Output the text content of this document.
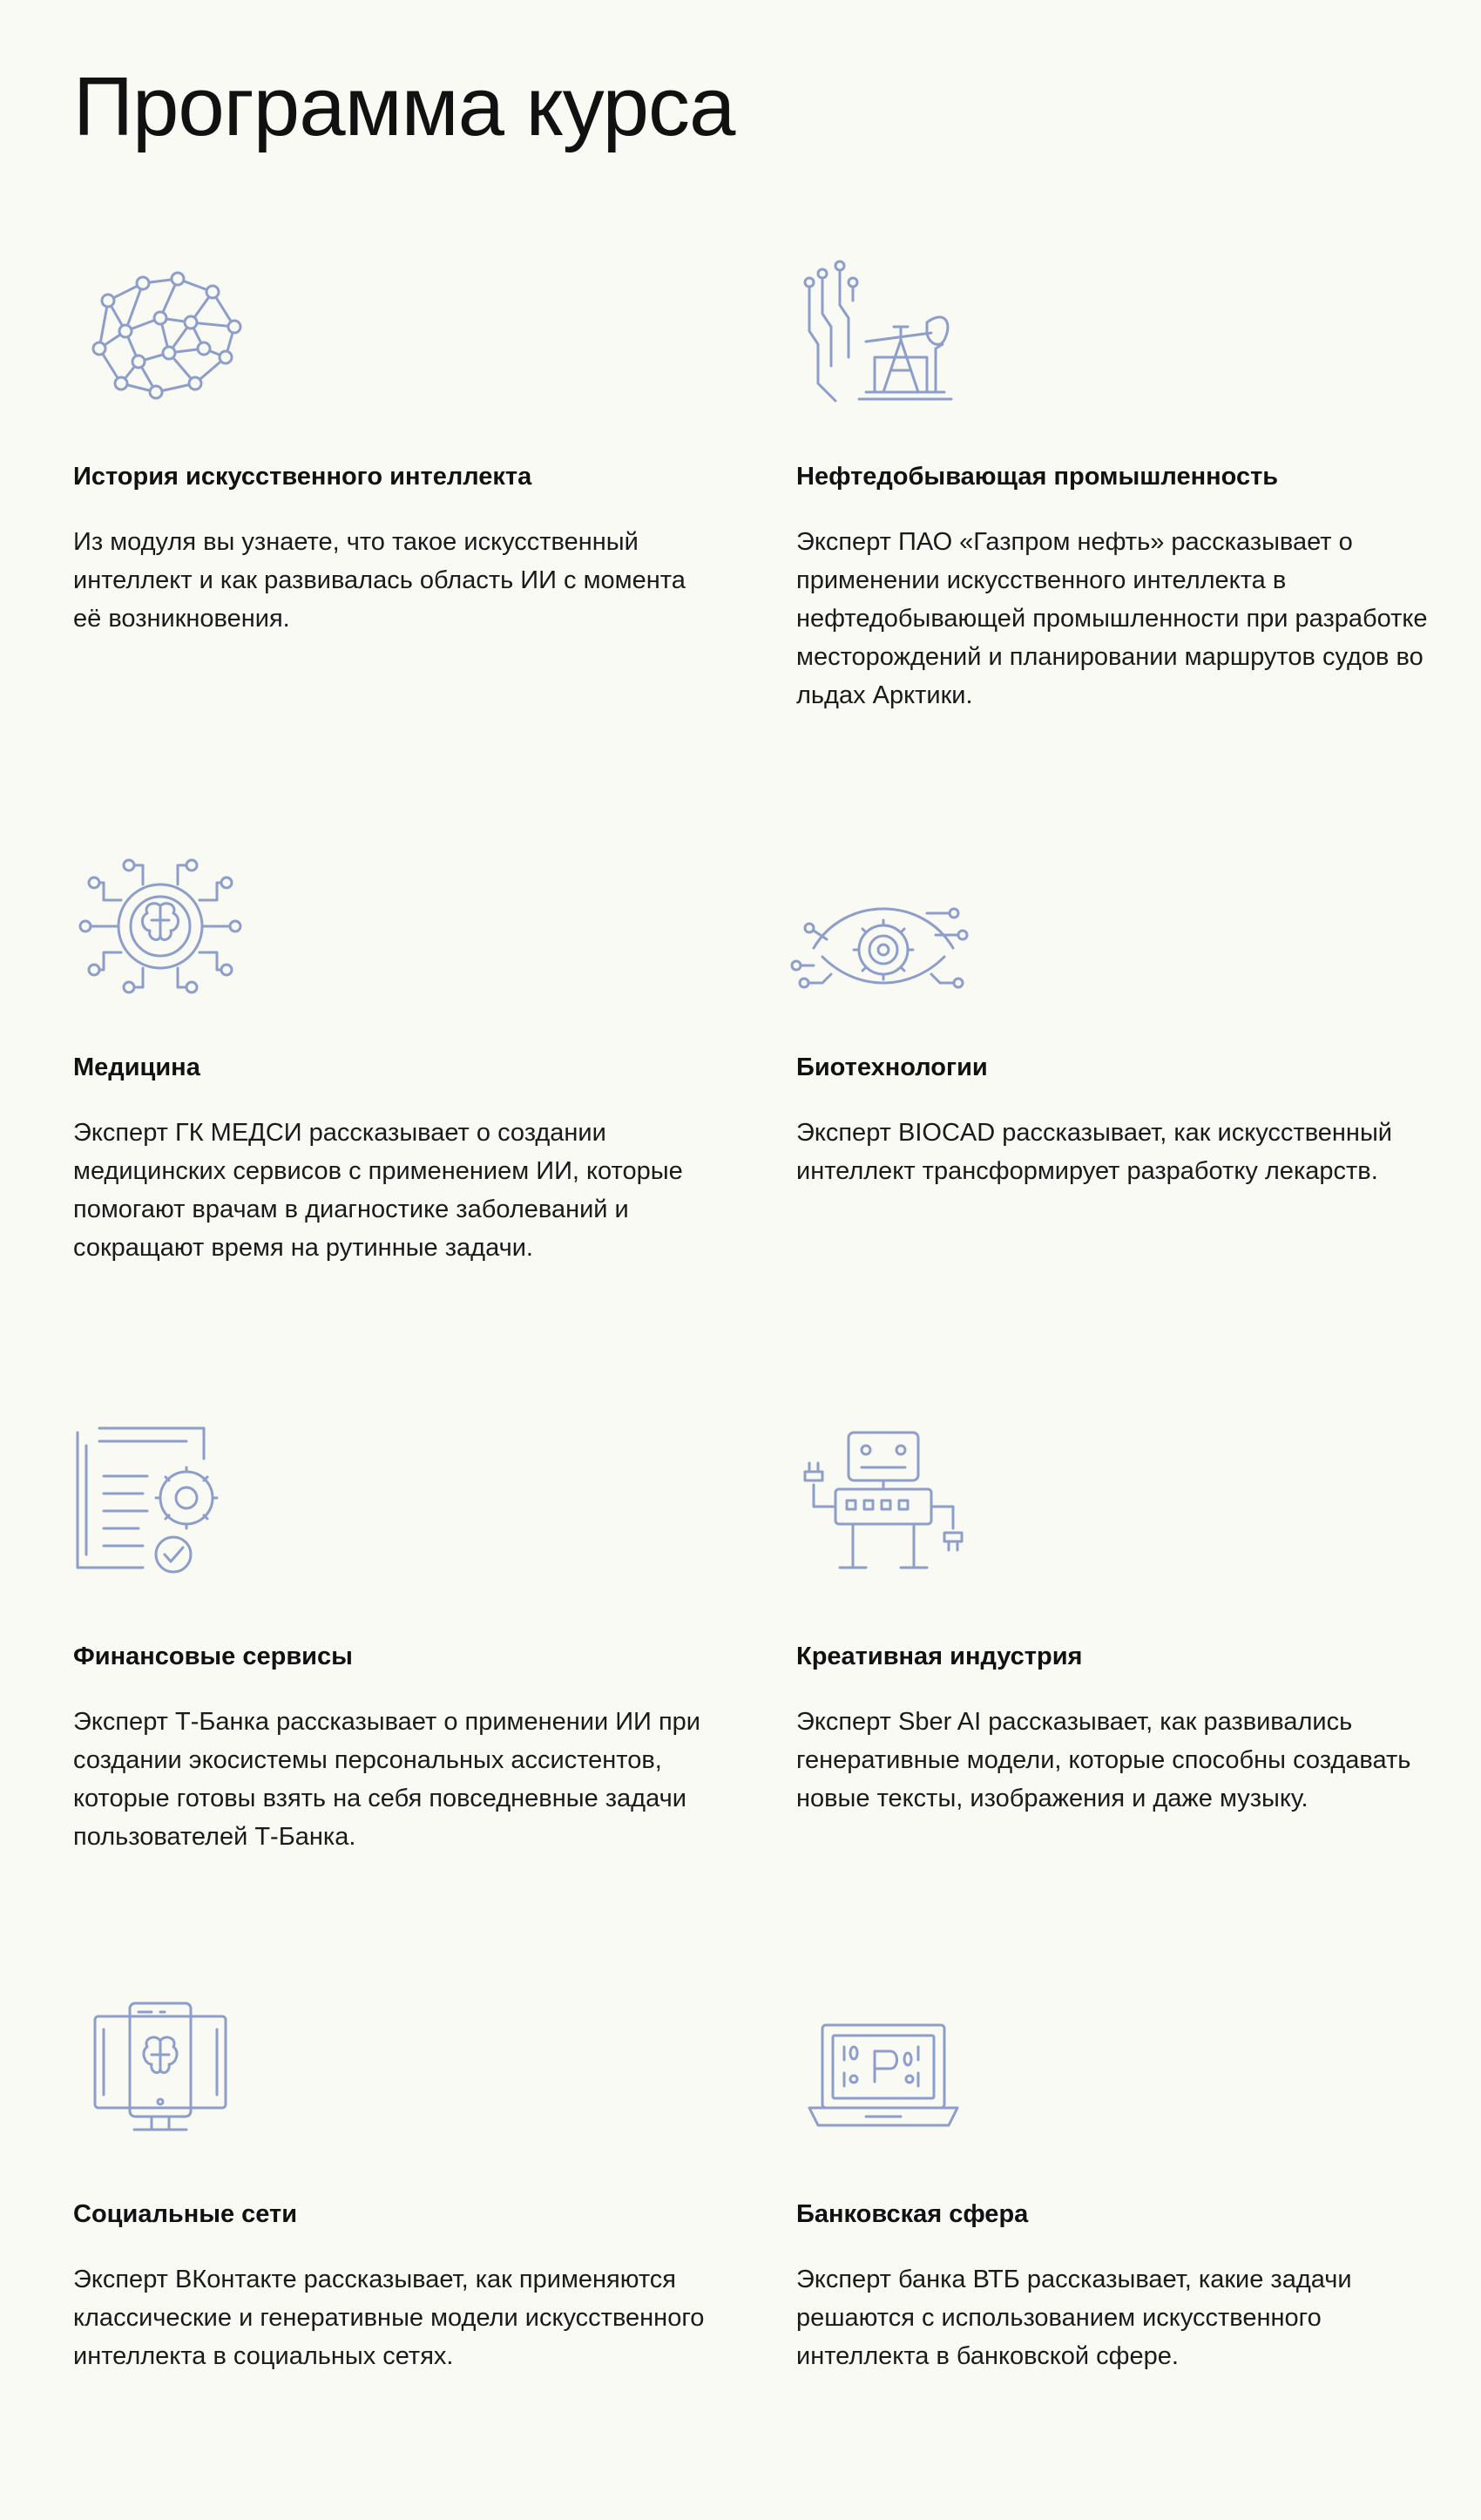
Программа курса
История искусственного интеллекта

Из модуля вы узнаете, что такое искусственный интеллект и как развивалась область ИИ с момента её возникновения.

Нефтедобывающая промышленность

Эксперт ПАО «Газпром нефть» рассказывает о применении искусственного интеллекта в нефтедобывающей промышленности при разработке месторождений и планировании маршрутов судов во льдах Арктики.

Медицина

Эксперт ГК МЕДСИ рассказывает о создании медицинских сервисов с применением ИИ, которые помогают врачам в диагностике заболеваний и сокращают время на рутинные задачи.

Биотехнологии

Эксперт BIOCAD рассказывает, как искусственный интеллект трансформирует разработку лекарств.

Финансовые сервисы

Эксперт Т‑Банка рассказывает о применении ИИ при создании экосистемы персональных ассистентов, которые готовы взять на себя повседневные задачи пользователей Т‑Банка.

Креативная индустрия

Эксперт Sber AI рассказывает, как развивались генеративные модели, которые способны создавать новые тексты, изображения и даже музыку.

Социальные сети

Эксперт ВКонтакте рассказывает, как применяются классические и генеративные модели искусственного интеллекта в социальных сетях.

Банковская сфера

Эксперт банка ВТБ рассказывает, какие задачи решаются с использованием искусственного интеллекта в банковской сфере.
